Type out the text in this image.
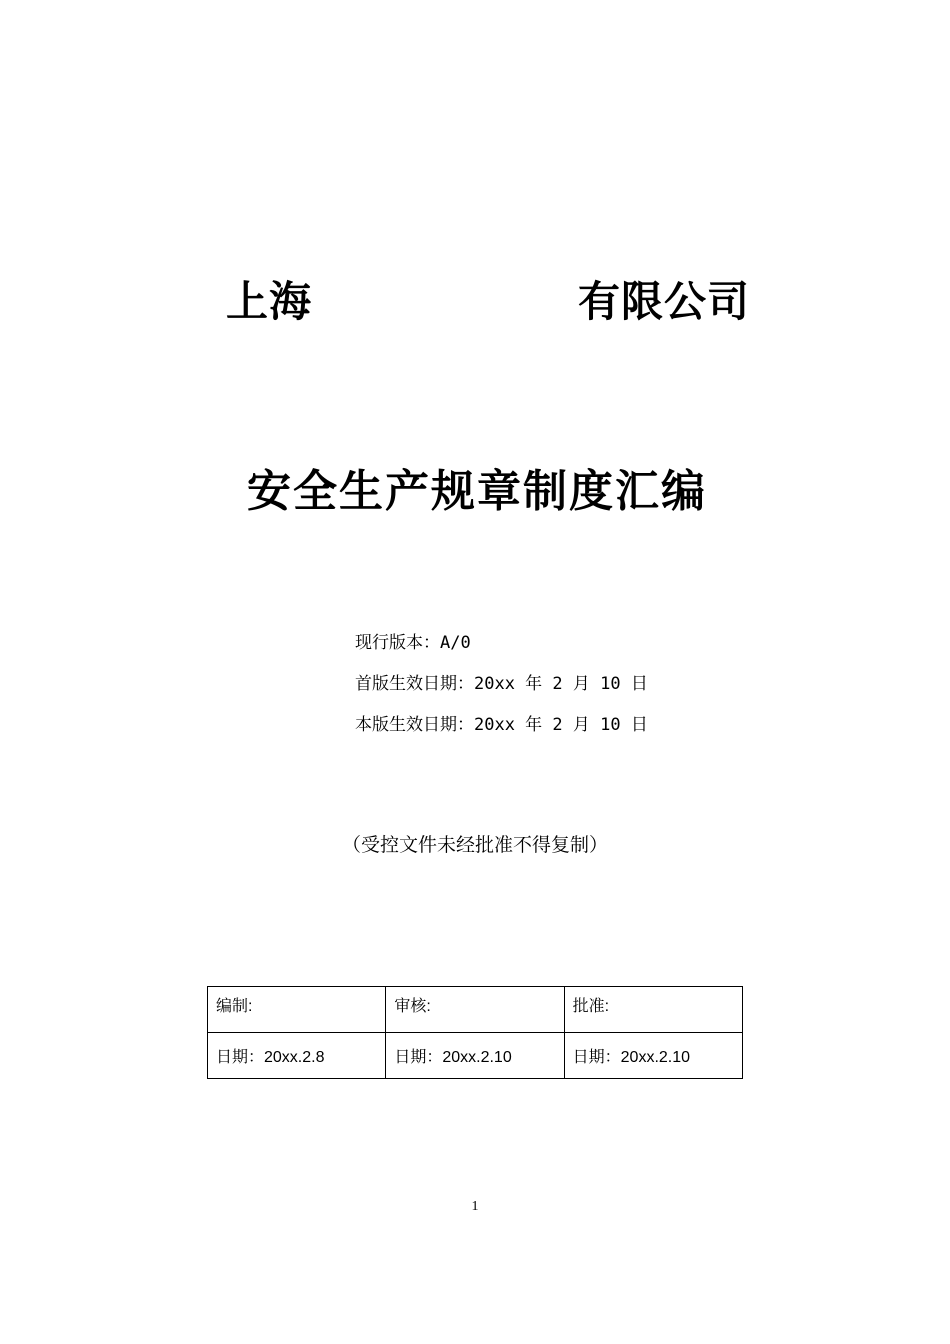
上海	有限公司
安全生产规章制度汇编
现行版本：A/0
首版生效日期：20xx 年 2 月 10 日
本版生效日期：20xx 年 2 月 10 日
（受控文件未经批准不得复制）
编制:	审核:	批准:
日期：20xx.2.8	日期：20xx.2.10	日期：20xx.2.10
1
